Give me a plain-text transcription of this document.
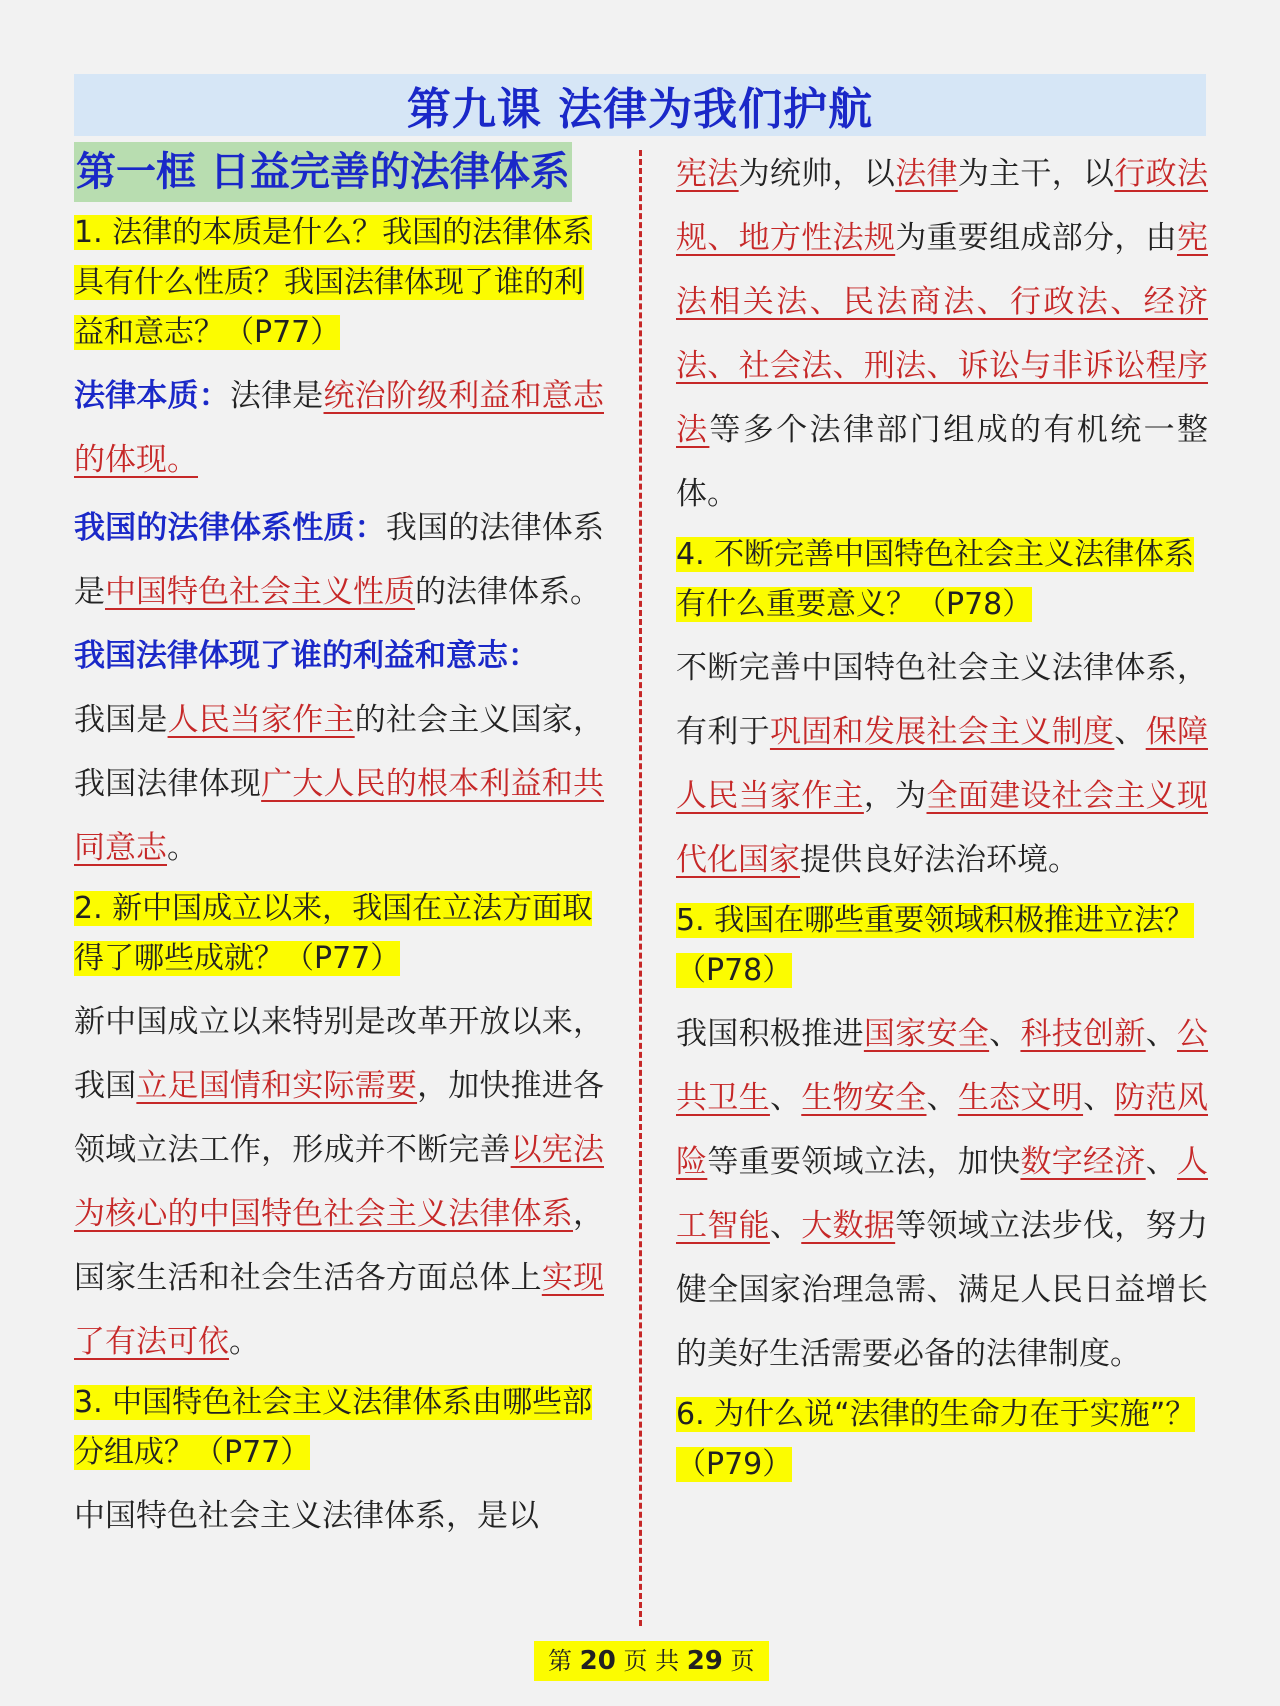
第九课 法律为我们护航
第一框 日益完善的法律体系
1. 法律的本质是什么？我国的法律体系具有什么性质？我国法律体现了谁的利益和意志？（P77）
法律本质：法律是统治阶级利益和意志的体现。
我国的法律体系性质：我国的法律体系是中国特色社会主义性质的法律体系。
我国法律体现了谁的利益和意志：
我国是人民当家作主的社会主义国家，我国法律体现广大人民的根本利益和共同意志。
2. 新中国成立以来，我国在立法方面取得了哪些成就？（P77）
新中国成立以来特别是改革开放以来，我国立足国情和实际需要，加快推进各领域立法工作，形成并不断完善以宪法为核心的中国特色社会主义法律体系，国家生活和社会生活各方面总体上实现了有法可依。
3. 中国特色社会主义法律体系由哪些部分组成？（P77）
中国特色社会主义法律体系，是以
宪法为统帅，以法律为主干，以行政法规、地方性法规为重要组成部分，由宪法相关法、民法商法、行政法、经济法、社会法、刑法、诉讼与非诉讼程序法等多个法律部门组成的有机统一整体。
4. 不断完善中国特色社会主义法律体系有什么重要意义？（P78）
不断完善中国特色社会主义法律体系，有利于巩固和发展社会主义制度、保障人民当家作主，为全面建设社会主义现代化国家提供良好法治环境。
5. 我国在哪些重要领域积极推进立法？（P78）
我国积极推进国家安全、科技创新、公共卫生、生物安全、生态文明、防范风险等重要领域立法，加快数字经济、人工智能、大数据等领域立法步伐，努力健全国家治理急需、满足人民日益增长的美好生活需要必备的法律制度。
6. 为什么说“法律的生命力在于实施”？（P79）
第 20 页 共 29 页
